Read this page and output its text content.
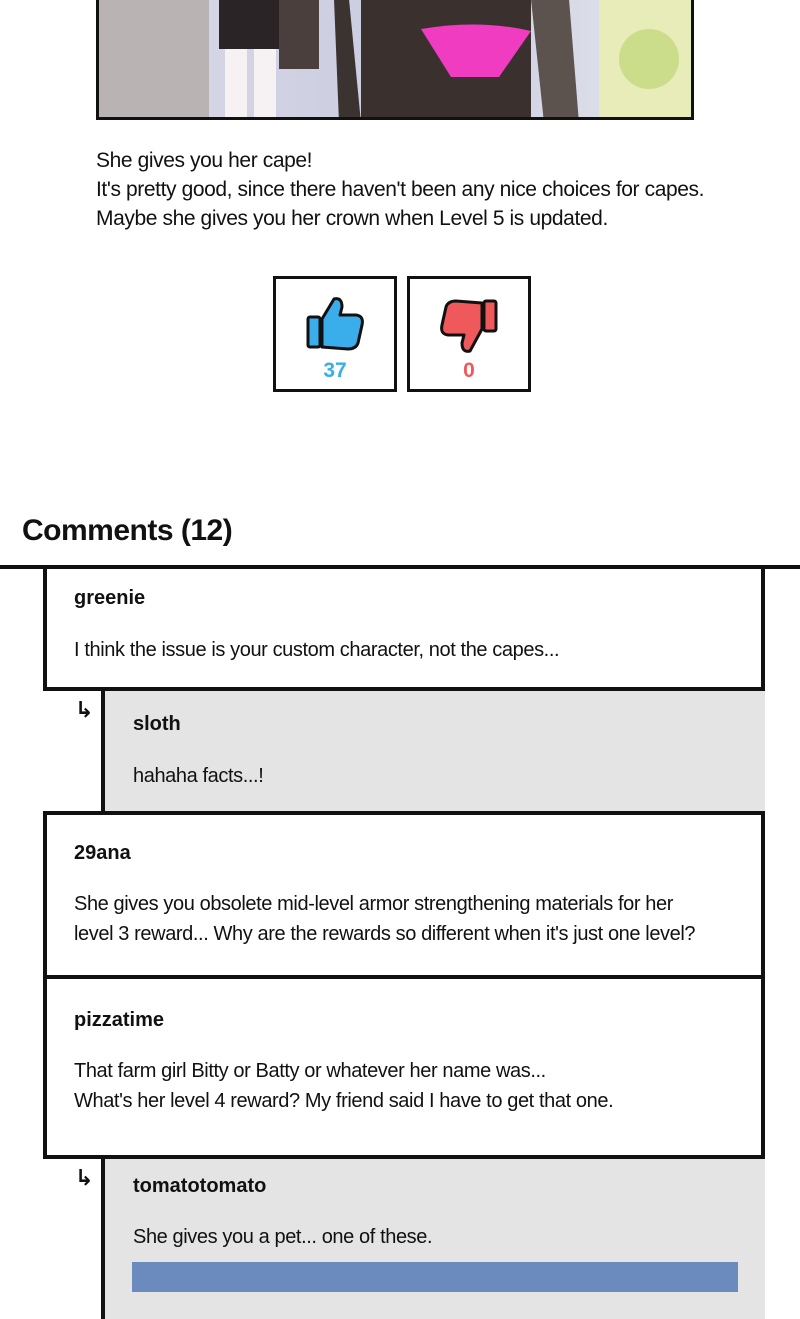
She gives you her cape!
It's pretty good, since there haven't been any nice choices for capes.
Maybe she gives you her crown when Level 5 is updated.
37	0
Comments (12)
greenie
I think the issue is your custom character, not the capes...
↳
sloth
hahaha facts...!
29ana
She gives you obsolete mid-level armor strengthening materials for her
level 3 reward... Why are the rewards so different when it's just one level?
pizzatime
That farm girl Bitty or Batty or whatever her name was...
What's her level 4 reward? My friend said I have to get that one.
↳ tomatotomato
She gives you a pet... one of these.
